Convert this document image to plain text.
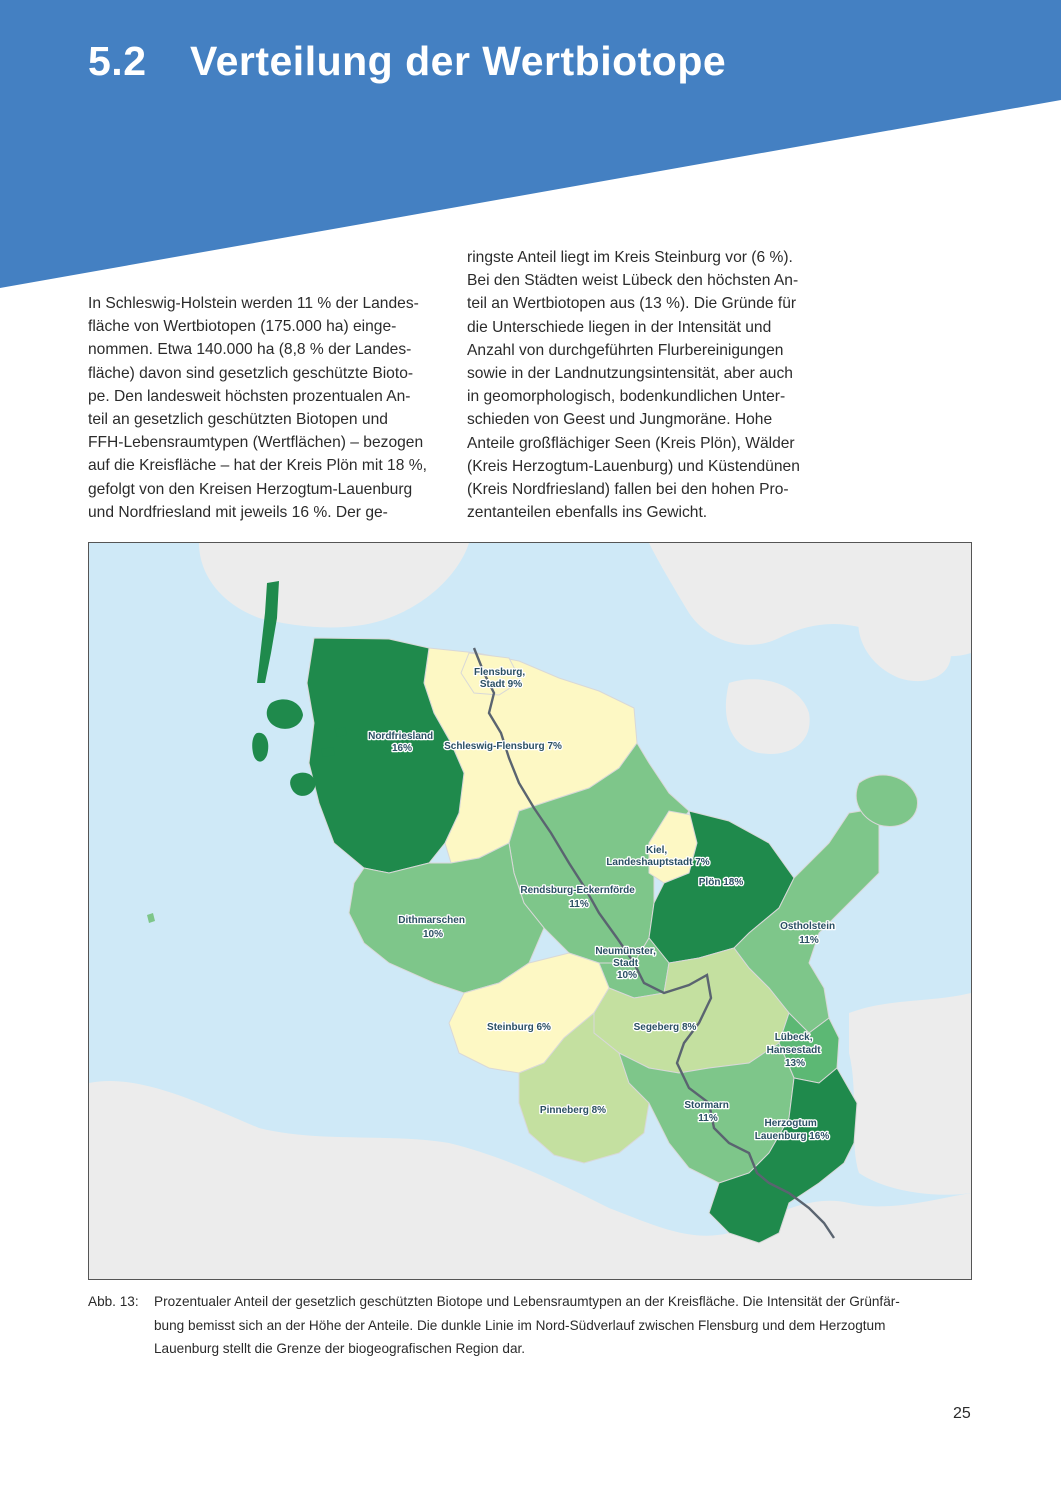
5.2 Verteilung der Wertbiotope

In Schleswig-Holstein werden 11 % der Landes-

fläche von Wertbiotopen (175.000 ha) einge-

nommen. Etwa 140.000 ha (8,8 % der Landes-

fläche) davon sind gesetzlich geschützte Bioto-

pe. Den landesweit höchsten prozentualen An-

teil an gesetzlich geschützten Biotopen und

FFH-Lebensraumtypen (Wertflächen) – bezogen

auf die Kreisfläche – hat der Kreis Plön mit 18 %,

gefolgt von den Kreisen Herzogtum-Lauenburg

und Nordfriesland mit jeweils 16 %. Der ge-

ringste Anteil liegt im Kreis Steinburg vor (6 %).

Bei den Städten weist Lübeck den höchsten An-

teil an Wertbiotopen aus (13 %). Die Gründe für

die Unterschiede liegen in der Intensität und

Anzahl von durchgeführten Flurbereinigungen

sowie in der Landnutzungsintensität, aber auch

in geomorphologisch, bodenkundlichen Unter-

schieden von Geest und Jungmoräne. Hohe

Anteile großflächiger Seen (Kreis Plön), Wälder

(Kreis Herzogtum-Lauenburg) und Küstendünen

(Kreis Nordfriesland) fallen bei den hohen Pro-

zentanteilen ebenfalls ins Gewicht.

Flensburg, Stadt 9%
Schleswig-Flensburg 7%
Nordfriesland 16%
Kiel, Landeshauptstadt 7%
Plön 18%
Rendsburg-Eckernförde 11%
Dithmarschen 10%
Ostholstein 11%
Neumünster, Stadt 10%
Steinburg 6%	Segeberg 8%
Lübeck, Hansestadt 13%
Pinneberg 8%	Stormarn 11%	Herzogtum Lauenburg 16%
Abb. 13: Prozentualer Anteil der gesetzlich geschützten Biotope und Lebensraumtypen an der Kreisfläche. Die Intensität der Grünfär-
bung bemisst sich an der Höhe der Anteile. Die dunkle Linie im Nord-Südverlauf zwischen Flensburg und dem Herzogtum
Lauenburg stellt die Grenze der biogeografischen Region dar.
25
